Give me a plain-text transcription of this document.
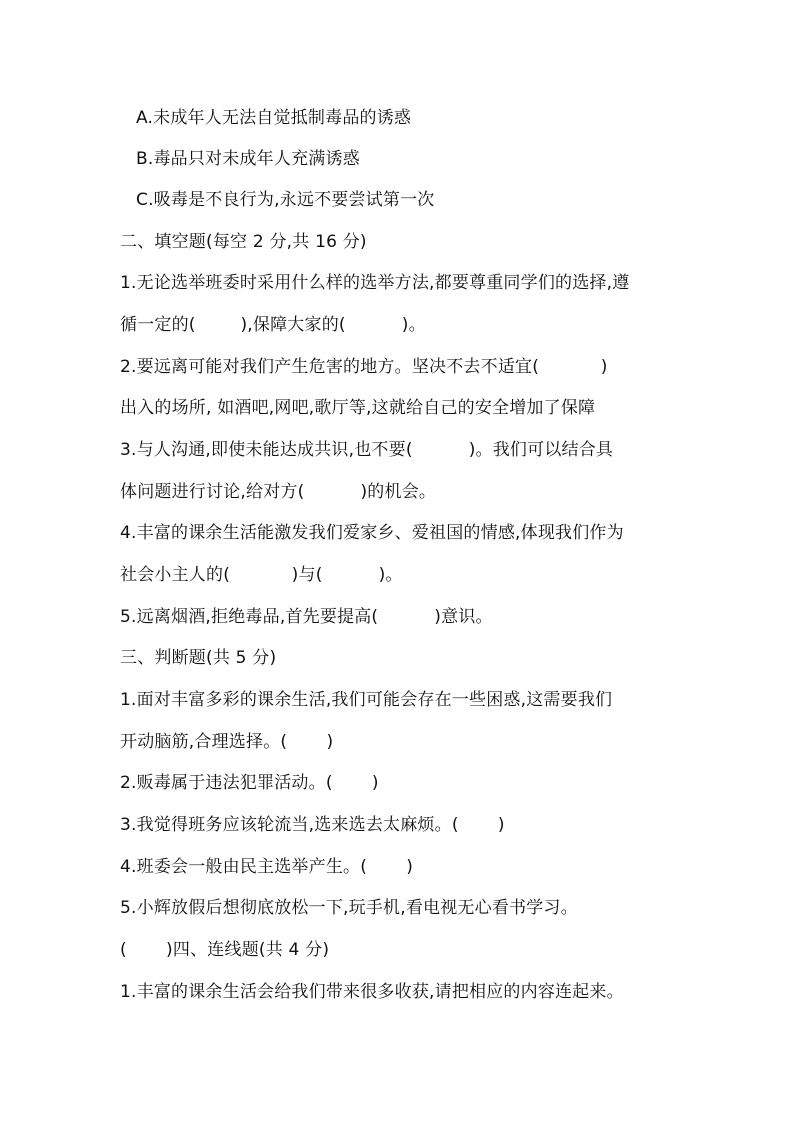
A.未成年人无法自觉抵制毒品的诱惑
B.毒品只对未成年人充满诱惑
C.吸毒是不良行为,永远不要尝试第一次
二、填空题(每空 2 分,共 16 分)
1.无论选举班委时采用什么样的选举方法,都要尊重同学们的选择,遵
循一定的(        ),保障大家的(          )。
2.要远离可能对我们产生危害的地方。坚决不去不适宜(           )
出入的场所, 如酒吧,网吧,歌厅等,这就给自己的安全增加了保障
3.与人沟通,即使未能达成共识,也不要(          )。我们可以结合具
体问题进行讨论,给对方(          )的机会。
4.丰富的课余生活能激发我们爱家乡、爱祖国的情感,体现我们作为
社会小主人的(           )与(          )。
5.远离烟酒,拒绝毒品,首先要提高(          )意识。
三、判断题(共 5 分)
1.面对丰富多彩的课余生活,我们可能会存在一些困惑,这需要我们
开动脑筋,合理选择。(       )
2.贩毒属于违法犯罪活动。(       )
3.我觉得班务应该轮流当,选来选去太麻烦。(       )
4.班委会一般由民主选举产生。(       )
5.小辉放假后想彻底放松一下,玩手机,看电视无心看书学习。
(       )四、连线题(共 4 分)
1.丰富的课余生活会给我们带来很多收获,请把相应的内容连起来。
